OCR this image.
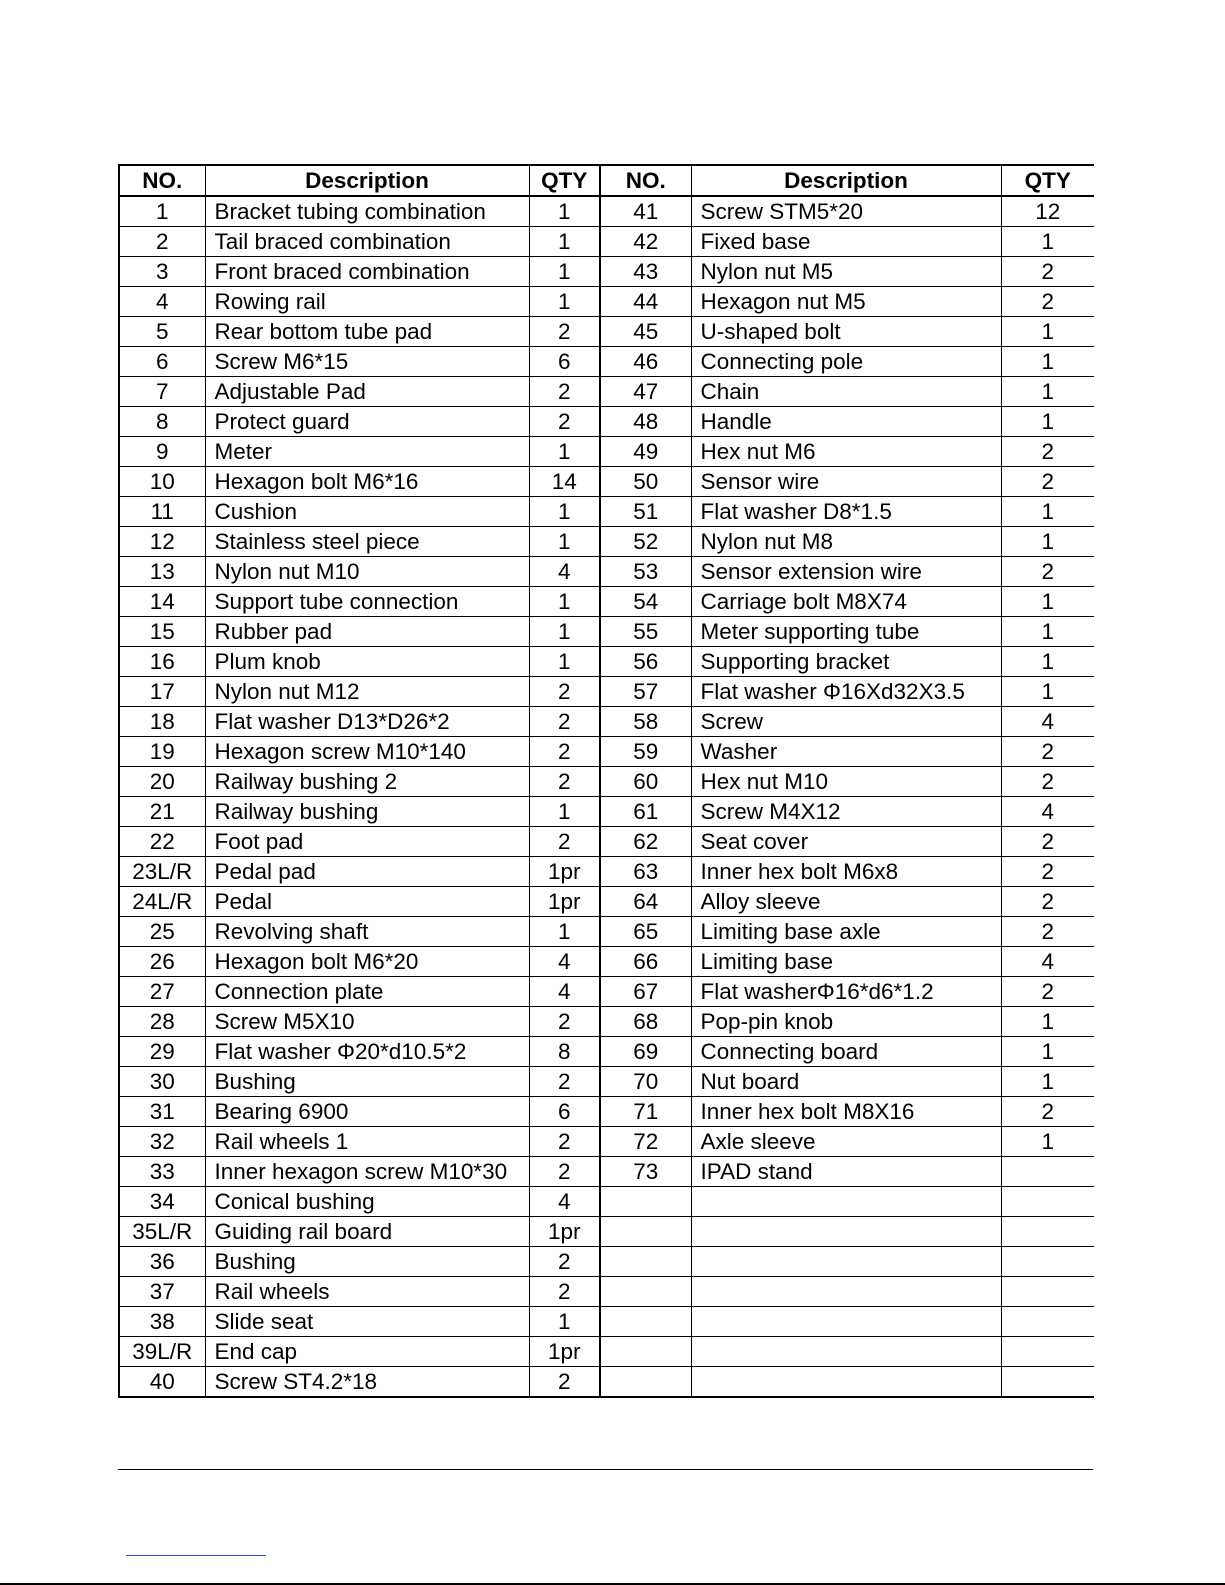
NO.	Description	QTY	NO.	Description	QTY
1	Bracket tubing combination	1	41	Screw STM5*20	12
2	Tail braced combination	1	42	Fixed base	1
3	Front braced combination	1	43	Nylon nut M5	2
4	Rowing rail	1	44	Hexagon nut M5	2
5	Rear bottom tube pad	2	45	U-shaped bolt	1
6	Screw M6*15	6	46	Connecting pole	1
7	Adjustable Pad	2	47	Chain	1
8	Protect guard	2	48	Handle	1
9	Meter	1	49	Hex nut M6	2
10	Hexagon bolt M6*16	14	50	Sensor wire	2
11	Cushion	1	51	Flat washer D8*1.5	1
12	Stainless steel piece	1	52	Nylon nut M8	1
13	Nylon nut M10	4	53	Sensor extension wire	2
14	Support tube connection	1	54	Carriage bolt M8X74	1
15	Rubber pad	1	55	Meter supporting tube	1
16	Plum knob	1	56	Supporting bracket	1
17	Nylon nut M12	2	57	Flat washer Φ16Xd32X3.5	1
18	Flat washer D13*D26*2	2	58	Screw	4
19	Hexagon screw M10*140	2	59	Washer	2
20	Railway bushing 2	2	60	Hex nut M10	2
21	Railway bushing	1	61	Screw M4X12	4
22	Foot pad	2	62	Seat cover	2
23L/R	Pedal pad	1pr	63	Inner hex bolt M6x8	2
24L/R	Pedal	1pr	64	Alloy sleeve	2
25	Revolving shaft	1	65	Limiting base axle	2
26	Hexagon bolt M6*20	4	66	Limiting base	4
27	Connection plate	4	67	Flat washerΦ16*d6*1.2	2
28	Screw M5X10	2	68	Pop-pin knob	1
29	Flat washer Φ20*d10.5*2	8	69	Connecting board	1
30	Bushing	2	70	Nut board	1
31	Bearing 6900	6	71	Inner hex bolt M8X16	2
32	Rail wheels 1	2	72	Axle sleeve	1
33	Inner hexagon screw M10*30	2	73	IPAD stand	
34	Conical bushing	4			
35L/R	Guiding rail board	1pr			
36	Bushing	2			
37	Rail wheels	2			
38	Slide seat	1			
39L/R	End cap	1pr			
40	Screw ST4.2*18	2			
